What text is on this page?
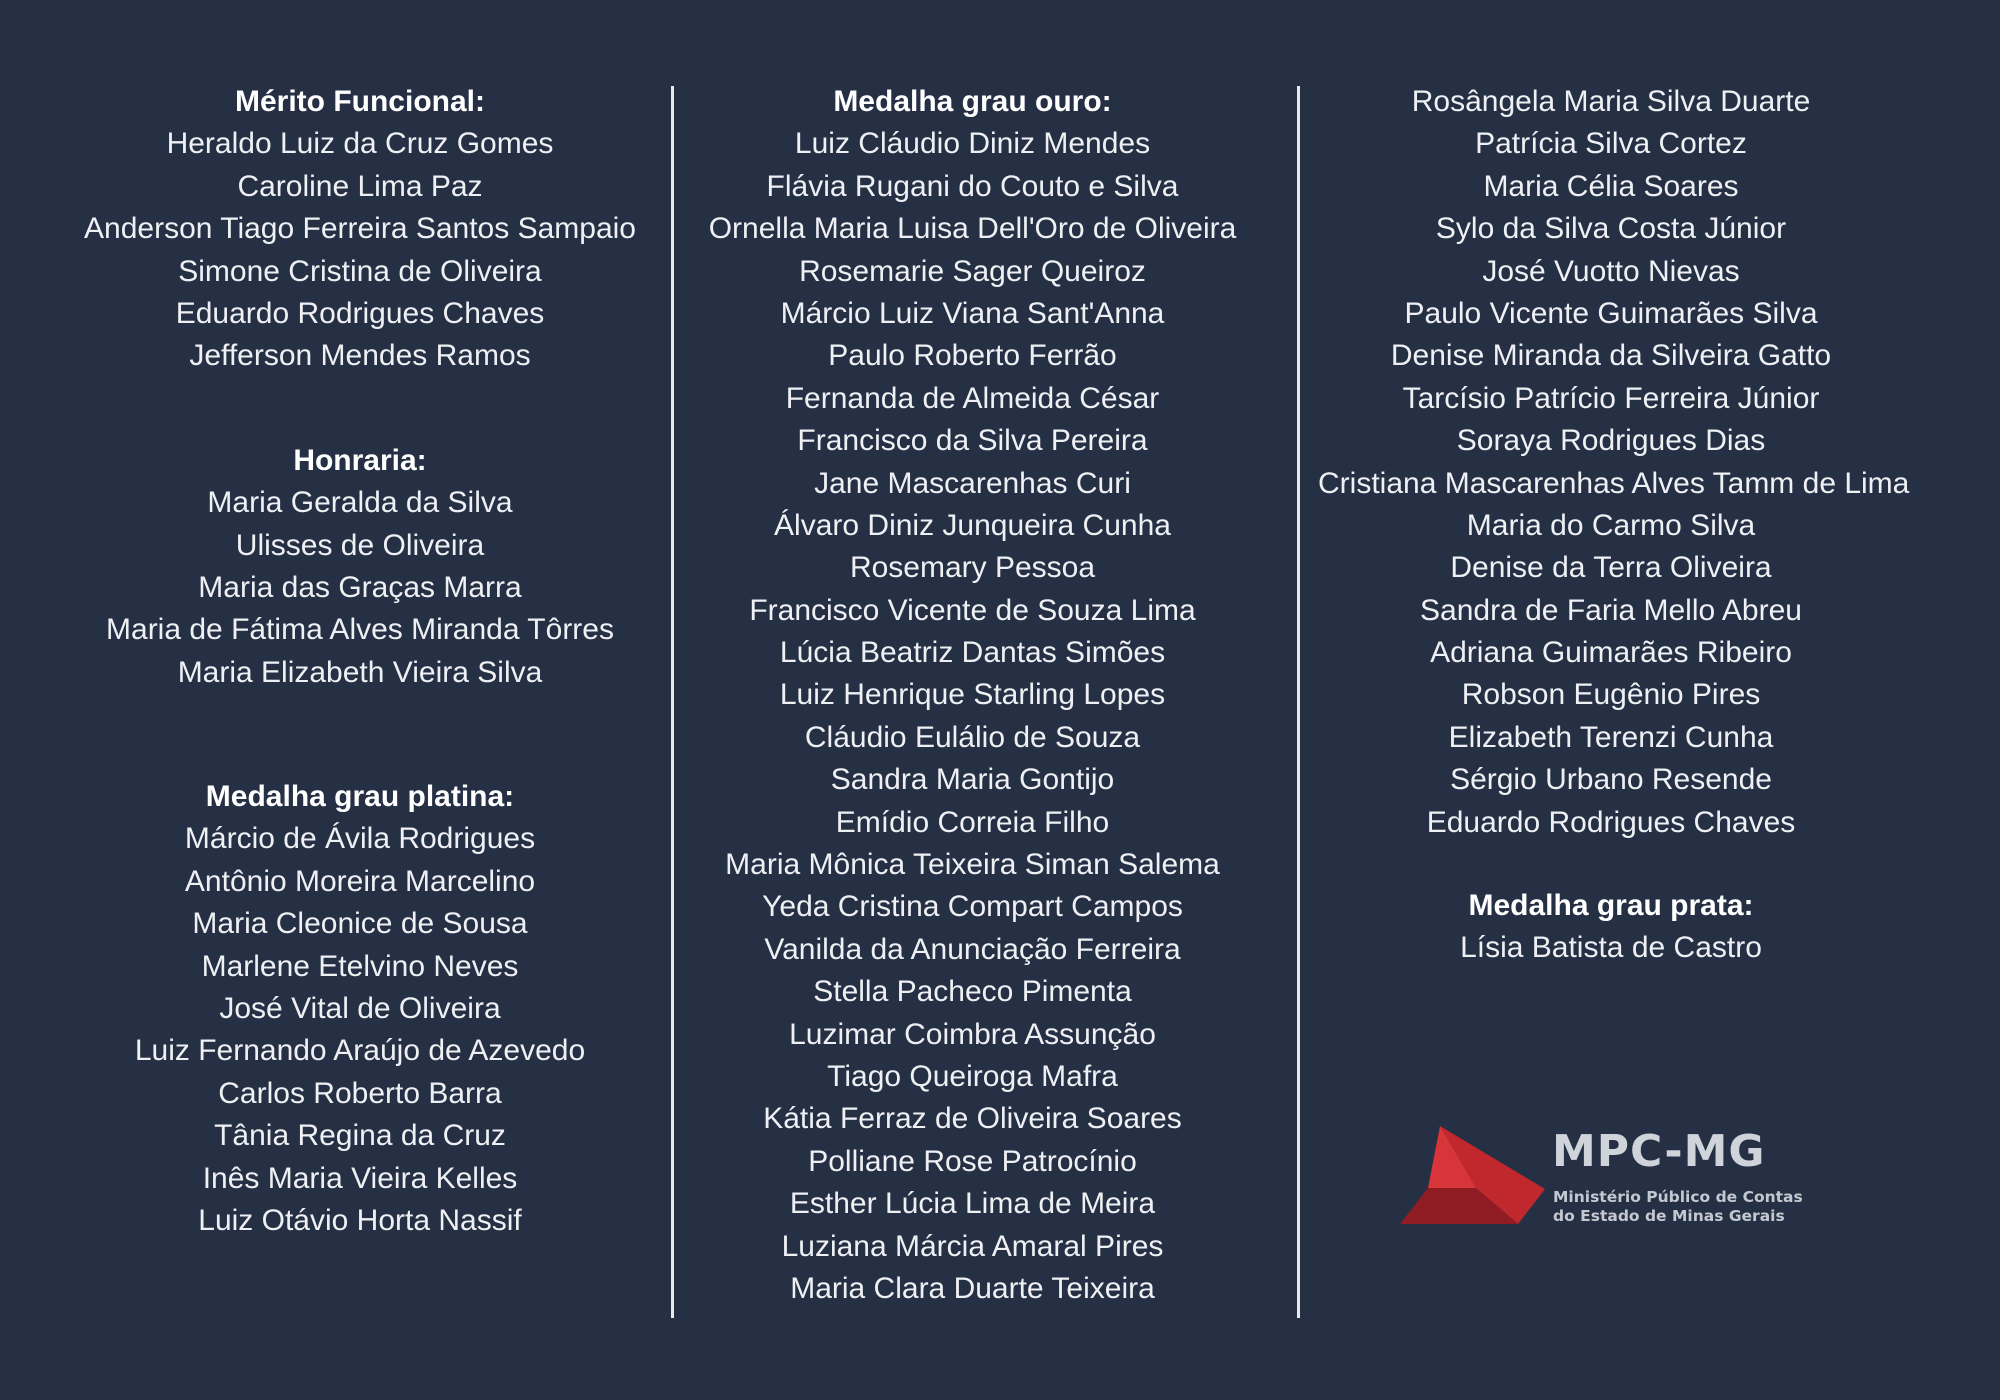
Mérito Funcional:
Heraldo Luiz da Cruz Gomes
Caroline Lima Paz
Anderson Tiago Ferreira Santos Sampaio
Simone Cristina de Oliveira
Eduardo Rodrigues Chaves
Jefferson Mendes Ramos
Honraria:
Maria Geralda da Silva
Ulisses de Oliveira
Maria das Graças Marra
Maria de Fátima Alves Miranda Tôrres
Maria Elizabeth Vieira Silva
Medalha grau platina:
Márcio de Ávila Rodrigues
Antônio Moreira Marcelino
Maria Cleonice de Sousa
Marlene Etelvino Neves
José Vital de Oliveira
Luiz Fernando Araújo de Azevedo
Carlos Roberto Barra
Tânia Regina da Cruz
Inês Maria Vieira Kelles
Luiz Otávio Horta Nassif
Medalha grau ouro:
Luiz Cláudio Diniz Mendes
Flávia Rugani do Couto e Silva
Ornella Maria Luisa Dell'Oro de Oliveira
Rosemarie Sager Queiroz
Márcio Luiz Viana Sant'Anna
Paulo Roberto Ferrão
Fernanda de Almeida César
Francisco da Silva Pereira
Jane Mascarenhas Curi
Álvaro Diniz Junqueira Cunha
Rosemary Pessoa
Francisco Vicente de Souza Lima
Lúcia Beatriz Dantas Simões
Luiz Henrique Starling Lopes
Cláudio Eulálio de Souza
Sandra Maria Gontijo
Emídio Correia Filho
Maria Mônica Teixeira Siman Salema
Yeda Cristina Compart Campos
Vanilda da Anunciação Ferreira
Stella Pacheco Pimenta
Luzimar Coimbra Assunção
Tiago Queiroga Mafra
Kátia Ferraz de Oliveira Soares
Polliane Rose Patrocínio
Esther Lúcia Lima de Meira
Luziana Márcia Amaral Pires
Maria Clara Duarte Teixeira
Rosângela Maria Silva Duarte
Patrícia Silva Cortez
Maria Célia Soares
Sylo da Silva Costa Júnior
José Vuotto Nievas
Paulo Vicente Guimarães Silva
Denise Miranda da Silveira Gatto
Tarcísio Patrício Ferreira Júnior
Soraya Rodrigues Dias
Cristiana Mascarenhas Alves Tamm de Lima
Maria do Carmo Silva
Denise da Terra Oliveira
Sandra de Faria Mello Abreu
Adriana Guimarães Ribeiro
Robson Eugênio Pires
Elizabeth Terenzi Cunha
Sérgio Urbano Resende
Eduardo Rodrigues Chaves
Medalha grau prata:
Lísia Batista de Castro
MPC-MG
Ministério Público de Contas
do Estado de Minas Gerais
